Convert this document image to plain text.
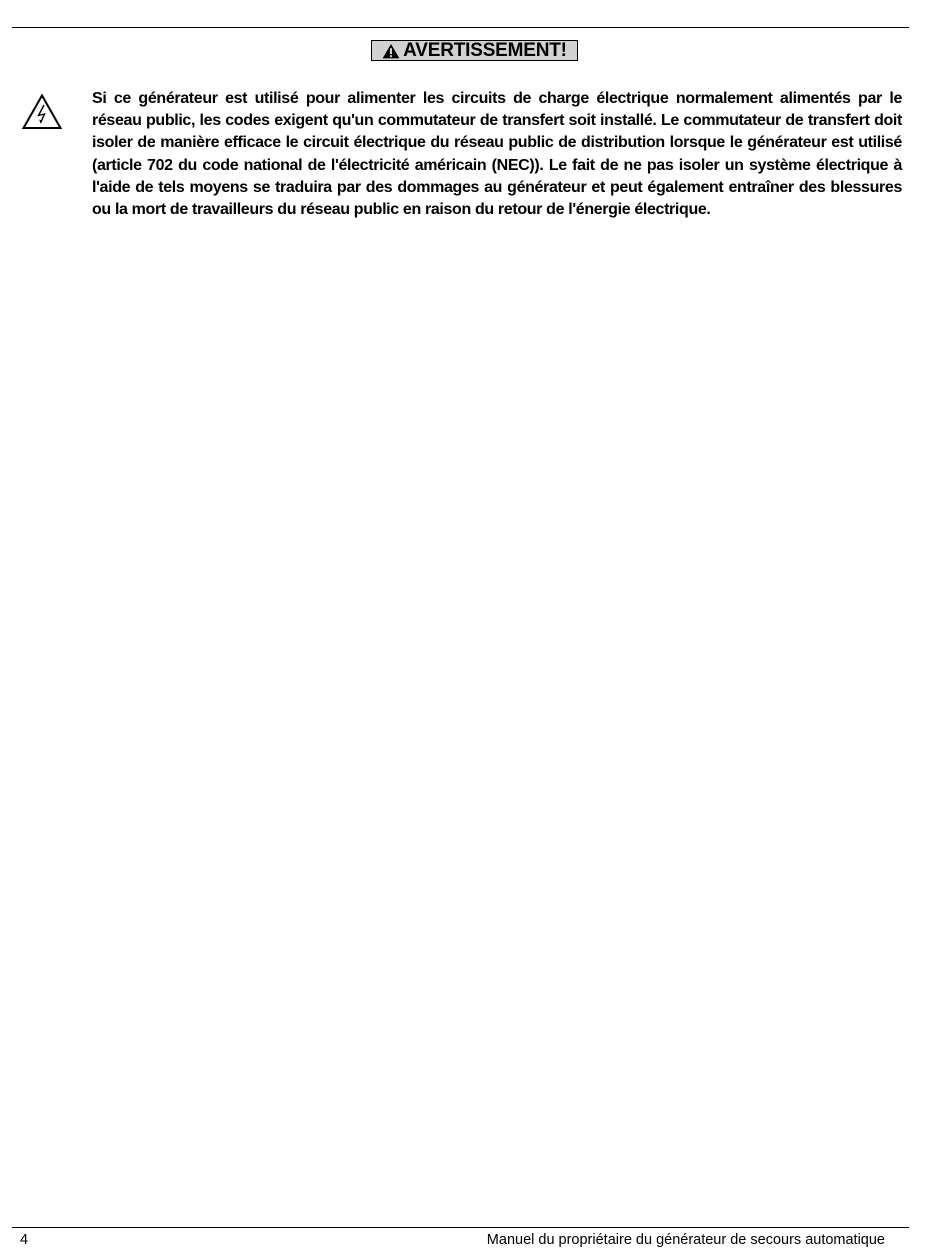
AVERTISSEMENT!

Si ce générateur est utilisé pour alimenter les circuits de charge électrique normalement alimentés par le réseau public, les codes exigent qu'un commutateur de transfert soit installé. Le commutateur de transfert doit isoler de manière efficace le circuit électrique du réseau public de distribution lorsque le générateur est utilisé (article 702 du code national de l'électricité américain (NEC)). Le fait de ne pas isoler un système électrique à l'aide de tels moyens se traduira par des dommages au générateur et peut également entraîner des blessures ou la mort de travailleurs du réseau public en raison du retour de l'énergie électrique.

4	Manuel du propriétaire du générateur de secours automatique
